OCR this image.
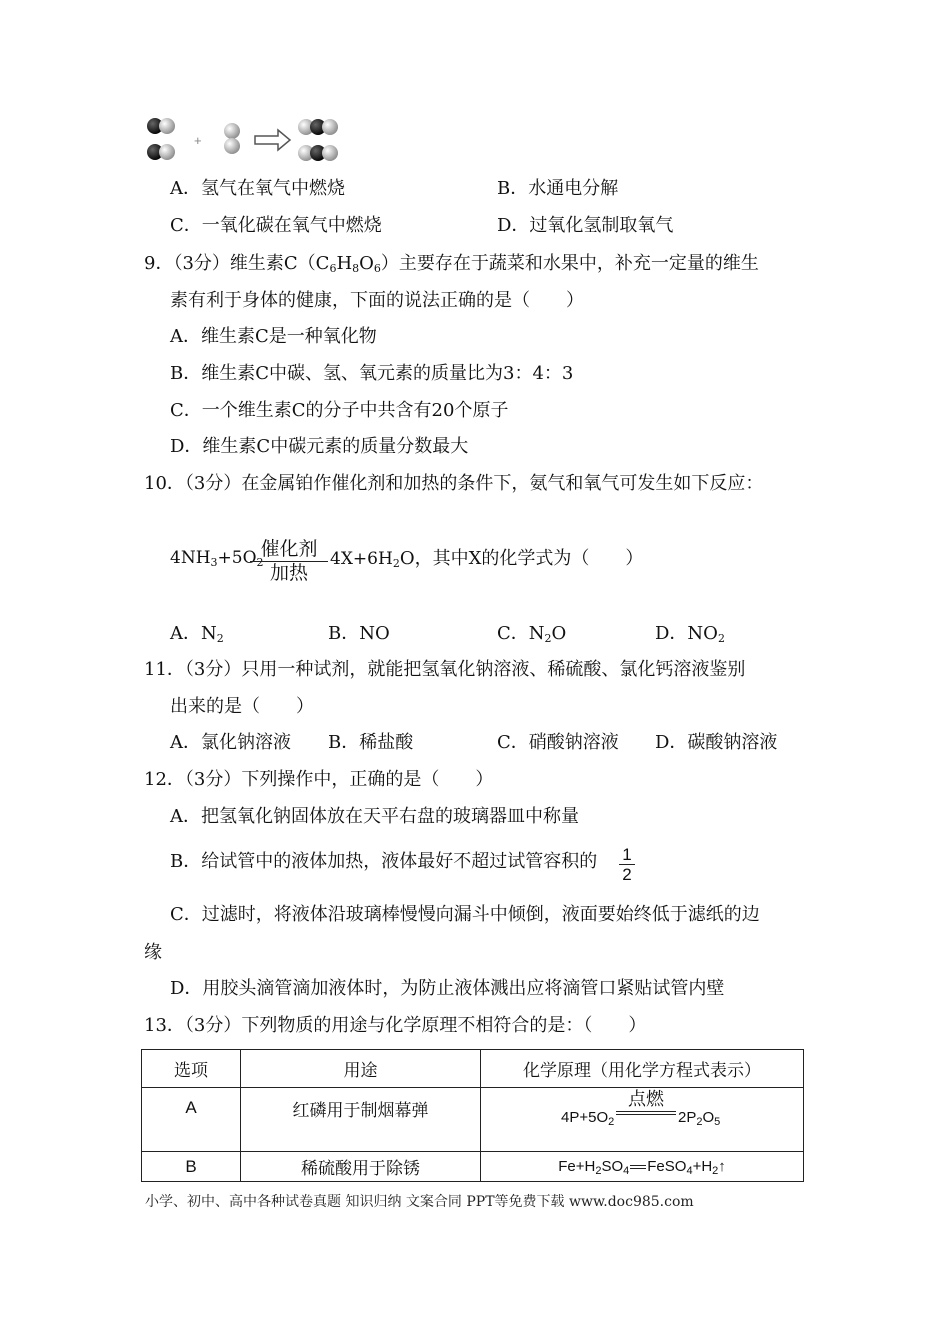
+
A．氢气在氧气中燃烧	B．水通电分解
C．一氧化碳在氧气中燃烧	D．过氧化氢制取氧气
9．（3分）维生素$C(C_6H_8O_6)$主要存在于蔬菜和水果中，补充一定量的维生
素有利于身体的健康，下面的说法正确的是（　　）
A．维生素C是一种氧化物
B．维生素C中碳、氢、氧元素的质量比为3：4：3
C．一个维生素C的分子中共含有20个原子
D．维生素C中碳元素的质量分数最大
10．（3分）在金属铂作催化剂和加热的条件下，氨气和氧气可发生如下反应：
$4NH_3+5O_2$
催化剂
加热
$4X+6H_2O$，其中X的化学式为（　　）
A．$N_2$	B．NO	C．$N_2O$	D．$NO_2$
11．（3分）只用一种试剂，就能把氢氧化钠溶液、稀硫酸、氯化钙溶液鉴别
出来的是（　　）
A．氯化钠溶液 B．稀盐酸	C．硝酸钠溶液 D．碳酸钠溶液
12．（3分）下列操作中，正确的是（　　）
A．把氢氧化钠固体放在天平右盘的玻璃器皿中称量
B．给试管中的液体加热，液体最好不超过试管容积的 1
2
C．过滤时，将液体沿玻璃棒慢慢向漏斗中倾倒，液面要始终低于滤纸的边
缘
D．用胶头滴管滴加液体时，为防止液体溅出应将滴管口紧贴试管内壁
13．（3分）下列物质的用途与化学原理不相符合的是：（　　）
选项	用途	化学原理（用化学方程式表示）
A	红磷用于制烟幕弹	$4P+5O_2$
点燃
$2P_2O_5$

B	稀硫酸用于除锈	$Fe+H_2SO_4$ $FeSO_4+H_2↑$
小学、初中、高中各种试卷真题 知识归纳 文案合同 PPT等免费下载 www.doc985.com
